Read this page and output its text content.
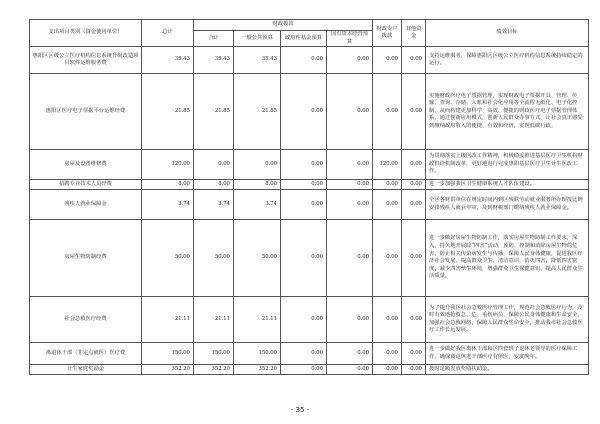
支出项目类别（资金使用单位）	总计	财政拨款				财政专户拨款	其他资金	绩效目标
		合计	一般公共预算	政府性基金预算	国有资本经营预算			
惠阳区区级公立医疗机构信息系统升级改造项目软件运维服务费	35.43	35.43	35.43	0.00	0.00	0.00	0.00	支持运维服务，保障惠阳区区级公立医疗机构信息系统持续稳定的运行。
惠阳区医疗电子票据平台运维经费	21.85	21.85	21.85	0.00	0.00	0.00	0.00	实施财政医疗电子票据管理，实现财政电子票据开具、管理、传输、查询、存储、入账和社会化应用等全流程无纸化、电子化控制，从而构建更加科学、高效、便捷的财政医疗电子票据管理体系，通过创新应用模式，创新人民群众办事方式，让社会真正感受到缴纳政府收入的便捷、有效和经济，实现低碳行政。
房屋及设备维修费	120.00	0.00	0.00	0.00	0.00	120.00	0.00	为贯彻落实上级医改工作精神，积极稳妥推进基层医疗卫生机构财政供给机制改革，更好地进行完成惠阳基层医疗卫生计生医改工作。
招聘专业技术人员经费	8.00	8.00	8.00	0.00	0.00	0.00	0.00	进一步加强我区卫生健康系统人才队伍建设。
残疾人就业保障金	3.74	3.74	3.74	0.00	0.00	0.00	0.00	全区各财供单位在规定时间内到区残联劳动就业服务所办理按比例安排残疾人就业年审，及到财税部门缴纳残疾人就业保障金。
房屋生物防制经费	50.00	50.00	50.00	0.00	0.00	0.00	0.00	进一步做好房屋生物防制工作，落实房屋生物防制工作要求，深入、持久地开展除“四害”活动，预防、控制和消除房屋生物的危害，防止相关传染病发生与传播，保障人民身体健康，促进我区经济社会发展，提高群众卫生、清洁意识，消灭四害，降低四害密度，减少四害孳生环境，增强群众卫生保健意识，提高人民群众生活质量。
社会急救医疗经费	21.11	21.11	21.11	0.00	0.00	0.00	0.00	为了提升我区社会急救医疗管理工作，规范社会急救医疗行为，及时有效地抢救急、危、重伤病员，保障公民身体健康和生命安全，加强社会急救网络，保障人民群众生命安全，推动我市社会急救医疗工作长远发展。
离退休干部（非定点就医）医疗费	150.00	150.00	150.00	0.00	0.00	0.00	0.00	进一步做好我区离休干部和区四套班子退休老领导的医疗保障工作，确保离退休老干部医疗有所医，安度晚年。
计生家庭奖励金	352.20	352.20	352.20	0.00	0.00	0.00	0.00	按时足额发放奖励扶助金。
- 35 -
